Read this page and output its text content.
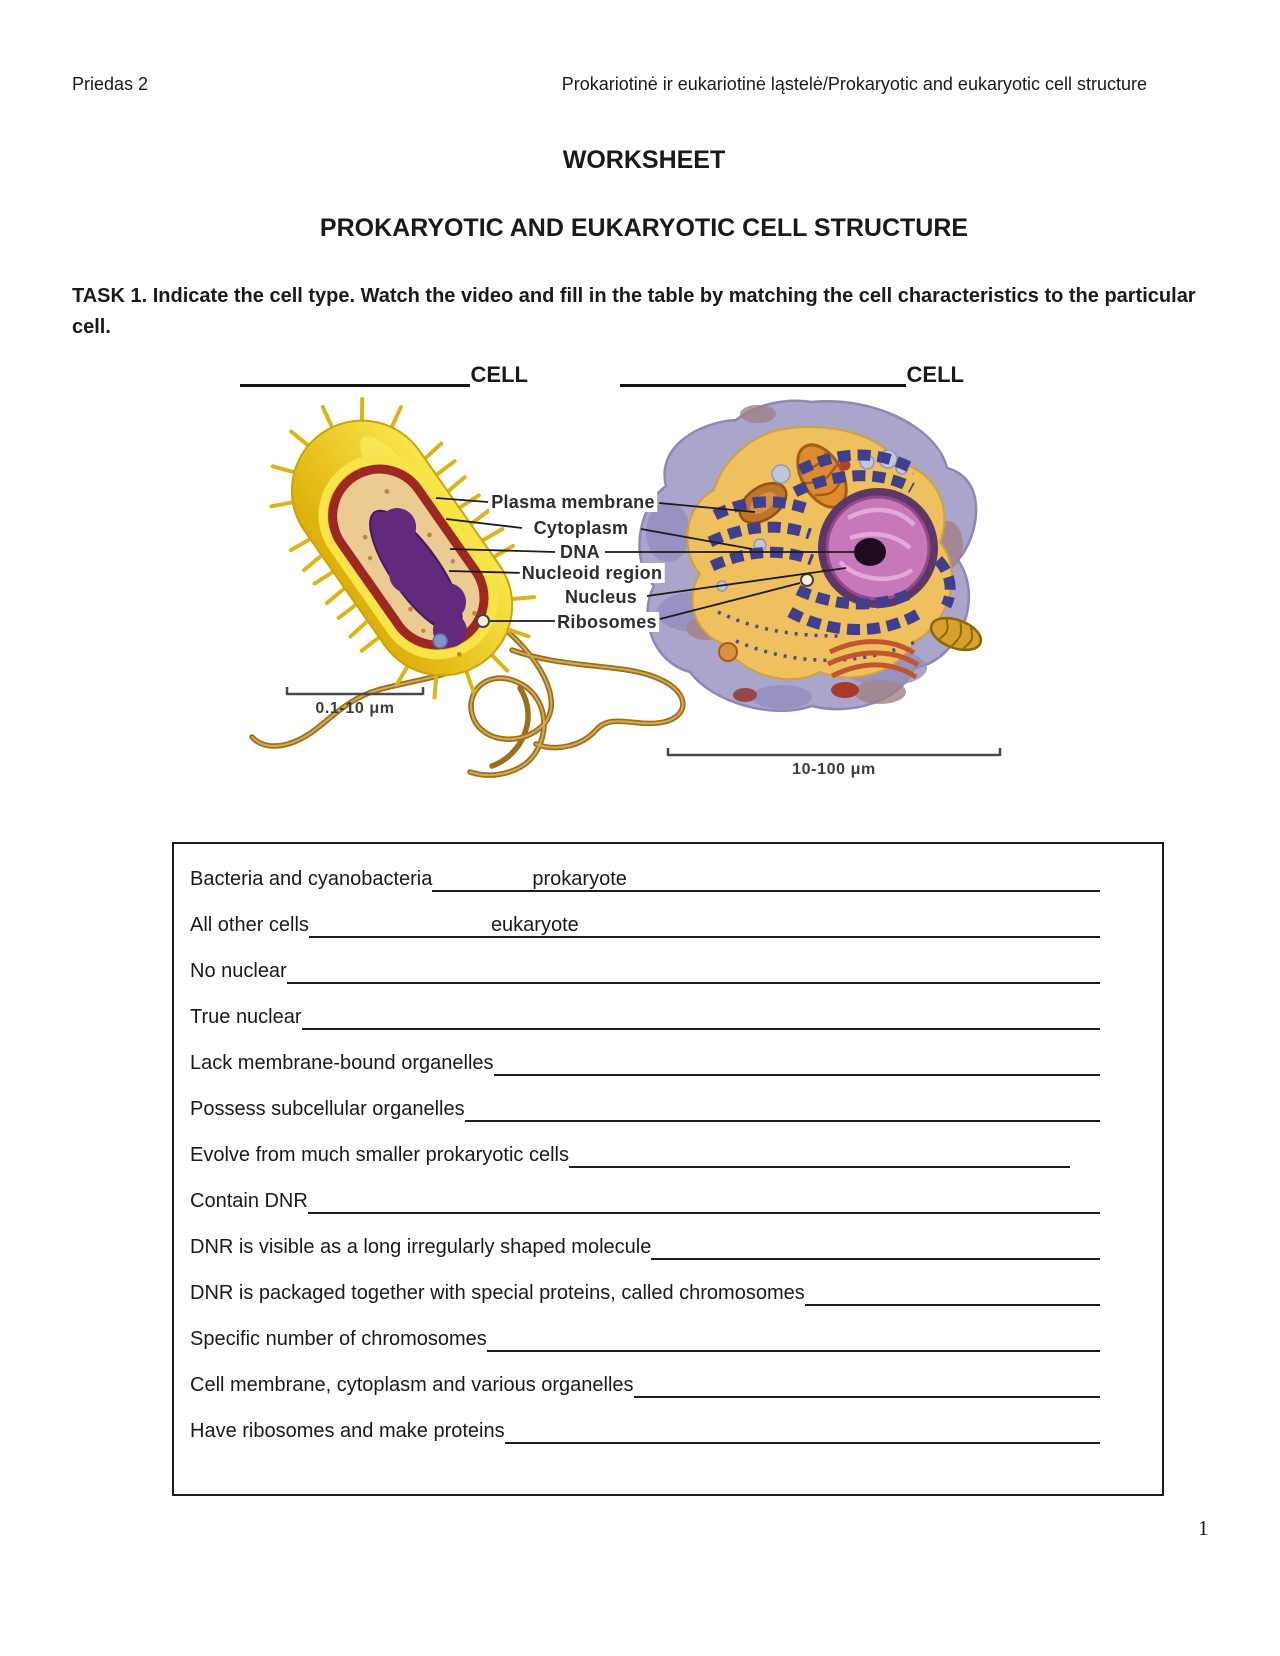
Priedas 2	Prokariotinė ir eukariotinė ląstelė/Prokaryotic and eukaryotic cell structure
WORKSHEET
PROKARYOTIC AND EUKARYOTIC CELL STRUCTURE
TASK 1. Indicate the cell type. Watch the video and fill in the table by matching the cell characteristics to the particular cell.
CELL	CELL
Plasma membrane
Cytoplasm
DNA
Nucleoid region
Nucleus
Ribosomes
0.1-10 μm
10-100 μm
Bacteria and cyanobacteria	prokaryote
All other cells	eukaryote
No nuclear
True nuclear
Lack membrane-bound organelles
Possess subcellular organelles
Evolve from much smaller prokaryotic cells
Contain DNR
DNR is visible as a long irregularly shaped molecule
DNR is packaged together with special proteins, called chromosomes
Specific number of chromosomes
Cell membrane, cytoplasm and various organelles
Have ribosomes and make proteins
1
